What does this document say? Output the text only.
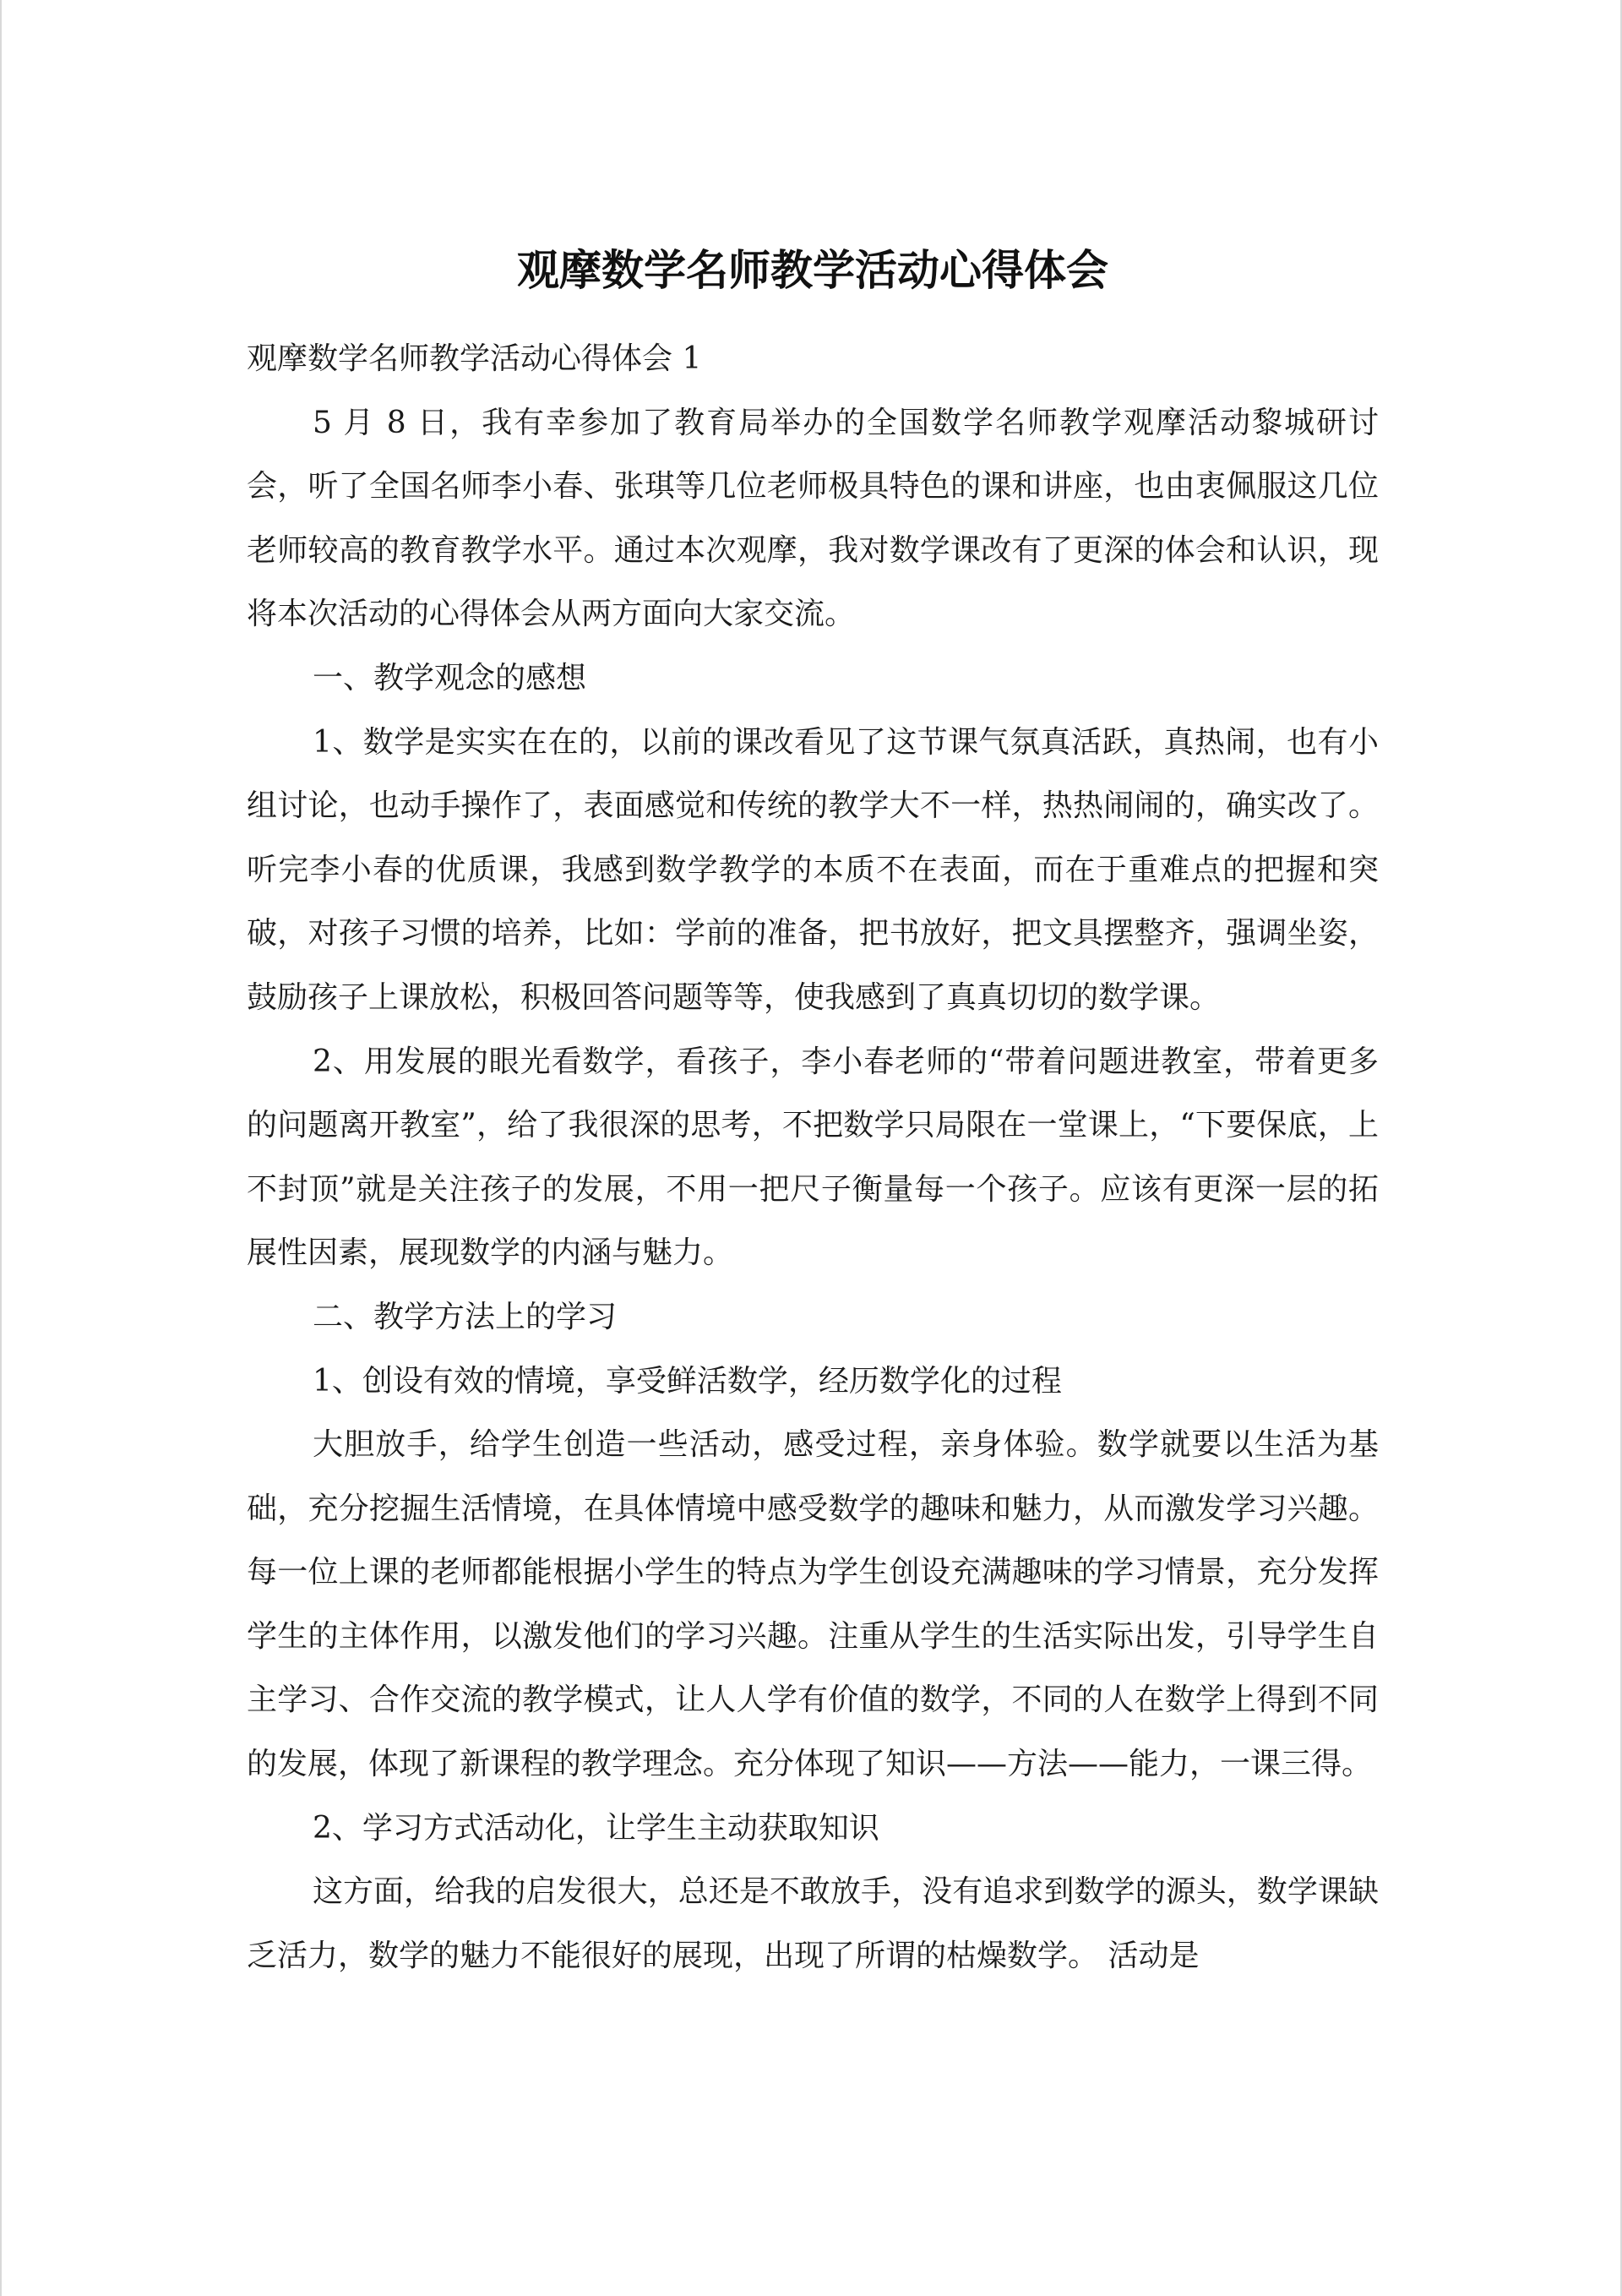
观摩数学名师教学活动心得体会

观摩数学名师教学活动心得体会 1

5 月 8 日，我有幸参加了教育局举办的全国数学名师教学观摩活动黎城研讨会，听了全国名师李小春、张琪等几位老师极具特色的课和讲座，也由衷佩服这几位老师较高的教育教学水平。通过本次观摩，我对数学课改有了更深的体会和认识，现将本次活动的心得体会从两方面向大家交流。

一、教学观念的感想

1、数学是实实在在的，以前的课改看见了这节课气氛真活跃，真热闹，也有小组讨论，也动手操作了，表面感觉和传统的教学大不一样，热热闹闹的，确实改了。听完李小春的优质课，我感到数学教学的本质不在表面，而在于重难点的把握和突破，对孩子习惯的培养，比如：学前的准备，把书放好，把文具摆整齐，强调坐姿，鼓励孩子上课放松，积极回答问题等等，使我感到了真真切切的数学课。

2、用发展的眼光看数学，看孩子，李小春老师的“带着问题进教室，带着更多的问题离开教室”，给了我很深的思考，不把数学只局限在一堂课上，“下要保底，上不封顶”就是关注孩子的发展，不用一把尺子衡量每一个孩子。应该有更深一层的拓展性因素，展现数学的内涵与魅力。

二、教学方法上的学习

1、创设有效的情境，享受鲜活数学，经历数学化的过程

大胆放手，给学生创造一些活动，感受过程，亲身体验。数学就要以生活为基础，充分挖掘生活情境，在具体情境中感受数学的趣味和魅力，从而激发学习兴趣。每一位上课的老师都能根据小学生的特点为学生创设充满趣味的学习情景，充分发挥学生的主体作用，以激发他们的学习兴趣。注重从学生的生活实际出发，引导学生自主学习、合作交流的教学模式，让人人学有价值的数学，不同的人在数学上得到不同的发展，体现了新课程的教学理念。充分体现了知识——方法——能力，一课三得。

2、学习方式活动化，让学生主动获取知识

这方面，给我的启发很大，总还是不敢放手，没有追求到数学的源头，数学课缺乏活力，数学的魅力不能很好的展现，出现了所谓的枯燥数学。 活动是
